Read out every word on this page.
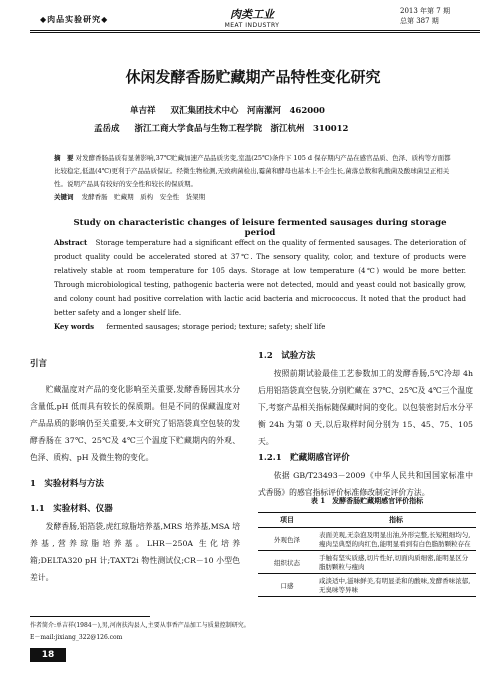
◆肉品实验研究◆	肉类工业
MEAT INDUSTRY
2013 年第 7 期
总第 387 期
休闲发酵香肠贮藏期产品特性变化研究
单吉祥 双汇集团技术中心　河南漯河　462000
孟岳成 浙江工商大学食品与生物工程学院　浙江杭州　310012
摘　要 对发酵香肠品质有显著影响,37℃贮藏加速产品品质劣变,室温(25℃)条件下 105 d 保存期内产品在感官品质、色泽、质构等方面都比较稳定,低温(4℃)更利于产品品质保证。经微生物检测,无致病菌检出,霉菌和酵母也基本上不会生长,菌落总数和乳酸菌及酸球菌呈正相关性。说明产品具有较好的安全性和较长的保质期。
关键词 发酵香肠　贮藏期　质构　安全性　货架期
Study on characteristic changes of leisure fermented sausages during storage period
Abstract Storage temperature had a significant effect on the quality of fermented sausages. The deterioration of product quality could be accelerated stored at 37℃. The sensory quality, color, and texture of products were relatively stable at room temperature for 105 days. Storage at low temperature (4℃) would be more better. Through microbiological testing, pathogenic bacteria were not detected, mould and yeast could not basically grow, and colony count had positive correlation with lactic acid bacteria and micrococcus. It noted that the product had better safety and a longer shelf life.
Key words fermented sausages; storage period; texture; safety; shelf life
引言
贮藏温度对产品的变化影响至关重要,发酵香肠因其水分含量低,pH 低而具有较长的保质期。但是不同的保藏温度对产品品质的影响仍至关重要,本文研究了铝箔袋真空包装的发酵香肠在 37℃、25℃及 4℃三个温度下贮藏期内的外观、色泽、质构、pH 及微生物的变化。
1　实验材料与方法
1.1　实验材料、仪器
发酵香肠,铝箔袋,虎红琼脂培养基,MRS 培养基,MSA 培养基,营养琼脂培养基。LHR－250A 生化培养箱;DELTA320 pH 计;TAXT2i 物性测试仪;CR－10 小型色差计。
1.2　试验方法
按照前期试验最佳工艺参数加工的发酵香肠,5℃冷却 4h 后用铝箔袋真空包装,分别贮藏在 37℃、25℃及 4℃三个温度下,考察产品相关指标随保藏时间的变化。以包装密封后水分平衡 24h 为第 0 天,以后取样时间分别为 15、45、75、105 天。
1.2.1　贮藏期感官评价
依据 GB/T23493－2009《中华人民共和国国家标准中式香肠》的感官指标评价标准修改制定评价方法。
表 1　发酵香肠贮藏期感官评价指标
项目	指标
外观色泽	表面美观,无杂泡及明显出油,外形完整,长短粗细均匀,瘦肉呈典型的肉红色,能明显看到有白色脂肪颗粒存在
组织状态	手触有坚实质感,切片性好,切面肉质细密,能明显区分脂肪颗粒与瘦肉
口感	咸淡适中,滋味鲜美,有明显柔和的酸味,发酵香味浓郁,无臭味等异味
作者简介:单吉祥(1984－),男,河南扶沟县人,主要从事香产品加工与质量控制研究。E－mail:jixiang_322@126.com
18
